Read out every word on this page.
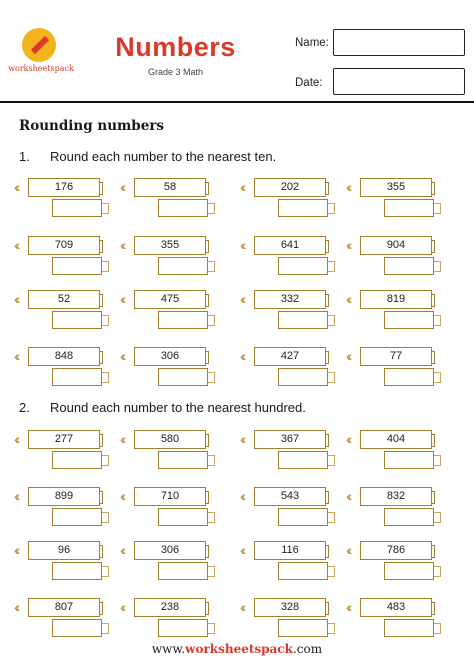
worksheetspack
Numbers
Grade 3 Math
Name:
Date:
Rounding numbers
1. Round each number to the nearest ten.
2. Round each number to the nearest hundred.
‹‹	176	‹‹	58	‹‹	202	‹‹	355
‹‹	709	‹‹	355	‹‹	641	‹‹	904
‹‹	52	‹‹	475	‹‹	332	‹‹	819
‹‹	848	‹‹	306	‹‹	427	‹‹	77
‹‹	277	‹‹	580	‹‹	367	‹‹	404
‹‹	899	‹‹	710	‹‹	543	‹‹	832
‹‹	96	‹‹	306	‹‹	116	‹‹	786
‹‹	807	‹‹	238	‹‹	328	‹‹	483
www.worksheetspack.com
